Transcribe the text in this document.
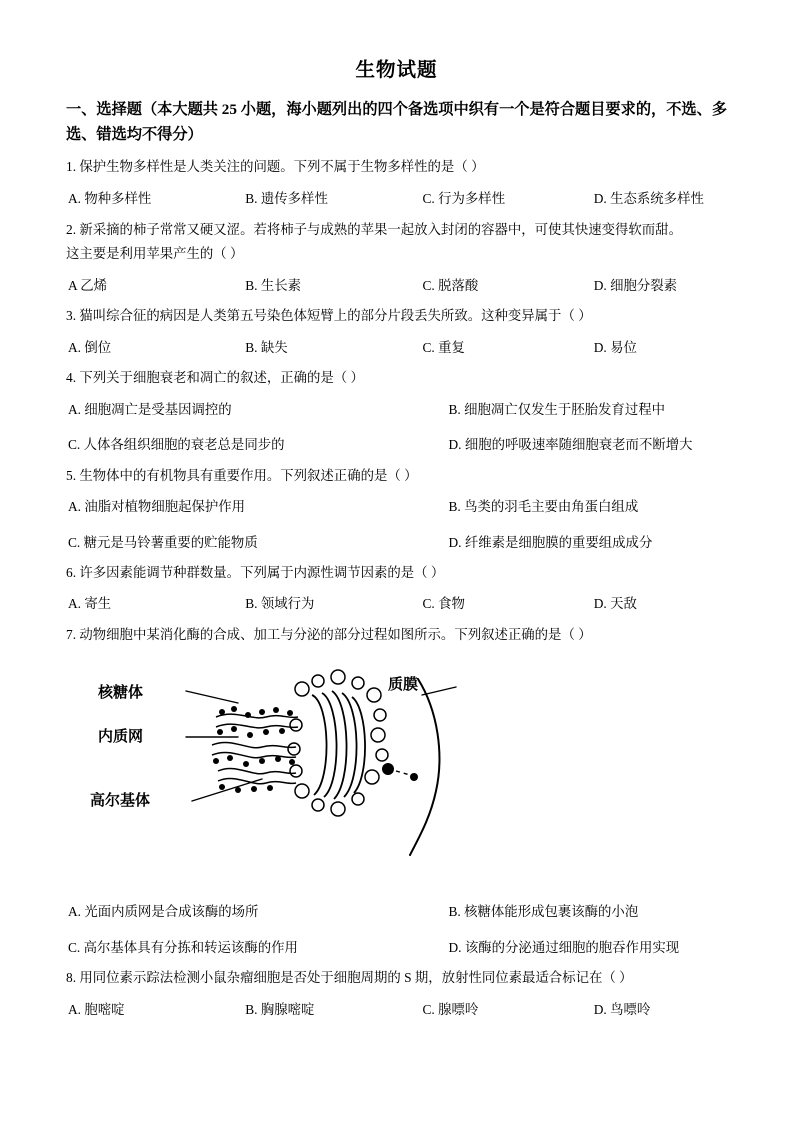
生物试题
一、选择题（本大题共 25 小题，海小题列出的四个备选项中织有一个是符合题目要求的，不选、多选、错选均不得分）
1. 保护生物多样性是人类关注的问题。下列不属于生物多样性的是（ ）
A. 物种多样性	B. 遗传多样性	C. 行为多样性	D. 生态系统多样性
2. 新采摘的柿子常常又硬又涩。若将柿子与成熟的苹果一起放入封闭的容器中，可使其快速变得软而甜。
这主要是利用苹果产生的（ ）
A 乙烯	B. 生长素	C. 脱落酸	D. 细胞分裂素
3. 猫叫综合征的病因是人类第五号染色体短臂上的部分片段丢失所致。这种变异属于（ ）
A. 倒位	B. 缺失	C. 重复	D. 易位
4. 下列关于细胞衰老和凋亡的叙述，正确的是（ ）
A. 细胞凋亡是受基因调控的	B. 细胞凋亡仅发生于胚胎发育过程中
C. 人体各组织细胞的衰老总是同步的	D. 细胞的呼吸速率随细胞衰老而不断增大
5. 生物体中的有机物具有重要作用。下列叙述正确的是（ ）
A. 油脂对植物细胞起保护作用	B. 鸟类的羽毛主要由角蛋白组成
C. 糖元是马铃薯重要的贮能物质	D. 纤维素是细胞膜的重要组成成分
6. 许多因素能调节种群数量。下列属于内源性调节因素的是（ ）
A. 寄生	B. 领域行为	C. 食物	D. 天敌
7. 动物细胞中某消化酶的合成、加工与分泌的部分过程如图所示。下列叙述正确的是（ ）
核糖体
内质网
高尔基体
质膜
A. 光面内质网是合成该酶的场所	B. 核糖体能形成包裹该酶的小泡
C. 高尔基体具有分拣和转运该酶的作用	D. 该酶的分泌通过细胞的胞吞作用实现
8. 用同位素示踪法检测小鼠杂瘤细胞是否处于细胞周期的 S 期，放射性同位素最适合标记在（ ）
A. 胞嘧啶	B. 胸腺嘧啶	C. 腺嘌呤	D. 鸟嘌呤
